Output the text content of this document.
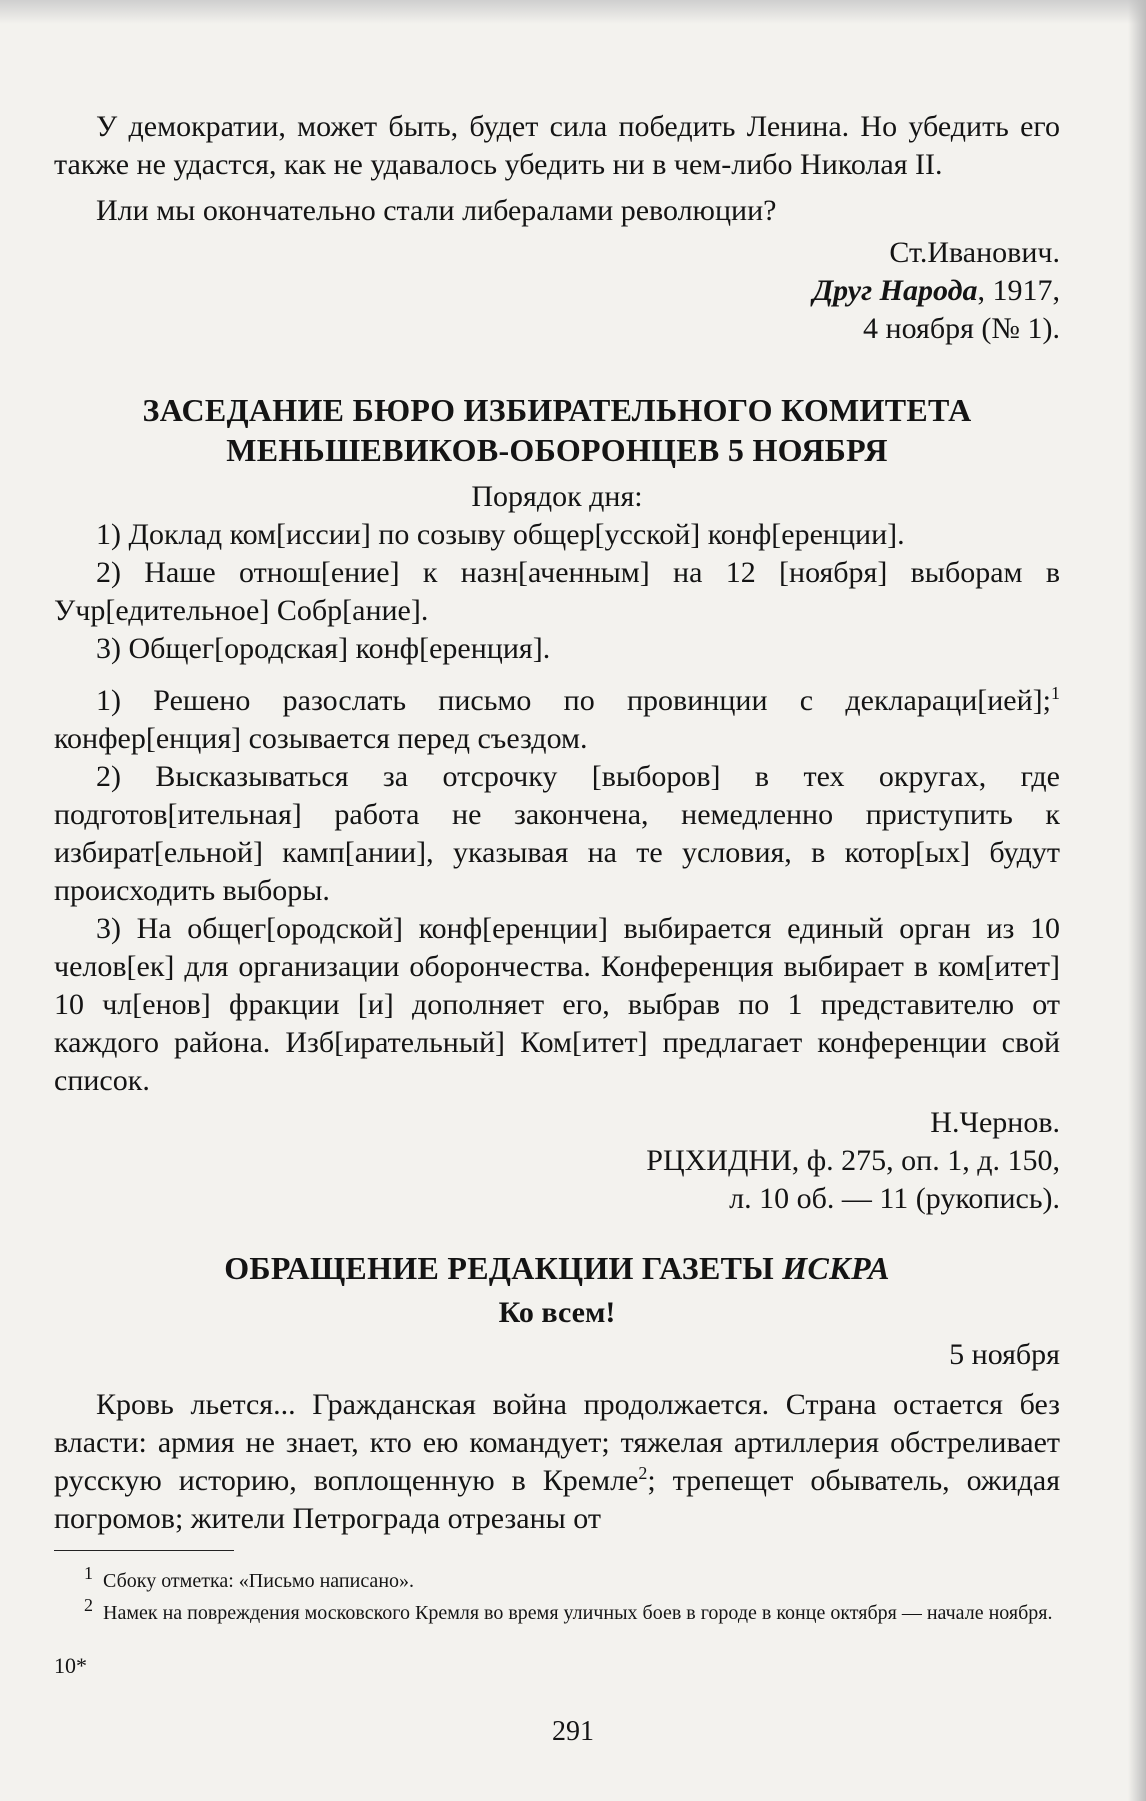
У демократии, может быть, будет сила победить Ленина. Но убедить его также не удастся, как не удавалось убедить ни в чем-либо Николая II.

Или мы окончательно стали либералами революции?

Ст.Иванович.

Друг Народа, 1917,

4 ноября (№ 1).

ЗАСЕДАНИЕ БЮРО ИЗБИРАТЕЛЬНОГО КОМИТЕТА
МЕНЬШЕВИКОВ-ОБОРОНЦЕВ 5 НОЯБРЯ

Порядок дня:

1) Доклад ком[иссии] по созыву общер[усской] конф[еренции].

2) Наше отнош[ение] к назн[аченным] на 12 [ноября] выборам в Учр[едительное] Собр[ание].

3) Общег[ородская] конф[еренция].

1) Решено разослать письмо по провинции с деклараци[ией];$^1$ конфер[енция] созывается перед съездом.

2) Высказываться за отсрочку [выборов] в тех округах, где подготов[ительная] работа не закончена, немедленно приступить к избират[ельной] камп[ании], указывая на те условия, в котор[ых] будут происходить выборы.

3) На общег[ородской] конф[еренции] выбирается единый орган из 10 челов[ек] для организации оборончества. Конференция выбирает в ком[итет] 10 чл[енов] фракции [и] дополняет его, выбрав по 1 представителю от каждого района. Изб[ирательный] Ком[итет] предлагает конференции свой список.

Н.Чернов.

РЦХИДНИ, ф. 275, оп. 1, д. 150,

л. 10 об. — 11 (рукопись).

ОБРАЩЕНИЕ РЕДАКЦИИ ГАЗЕТЫ ИСКРА

Ко всем!

5 ноября

Кровь льется... Гражданская война продолжается. Страна остается без власти: армия не знает, кто ею командует; тяжелая артиллерия обстреливает русскую историю, воплощенную в Кремле$^2$; трепещет обыватель, ожидая погромов; жители Петрограда отрезаны от

1 Сбоку отметка: «Письмо написано».

2 Намек на повреждения московского Кремля во время уличных боев в городе в конце октября — начале ноября.

10*

291
